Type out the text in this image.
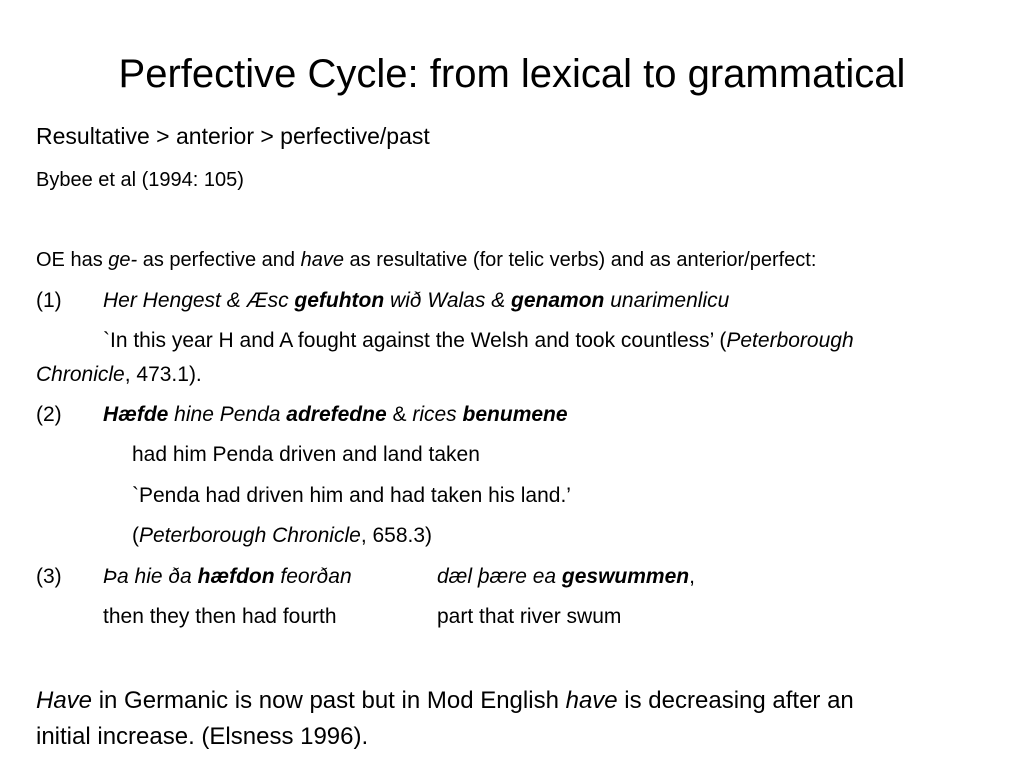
Perfective Cycle: from lexical to grammatical
Resultative > anterior > perfective/past
Bybee et al (1994: 105)
OE has ge- as perfective and have as resultative (for telic verbs) and as anterior/perfect:
(1) Her Hengest & Æsc gefuhton wið Walas & genamon unarimenlicu
`In this year H and A fought against the Welsh and took countless’ (Peterborough
Chronicle, 473.1).
(2) Hæfde hine Penda adrefedne & rices benumene
had him Penda driven and land taken
`Penda had driven him and had taken his land.’
(Peterborough Chronicle, 658.3)
(3) Þa hie ða hæfdon feorðan	dæl þære ea geswummen,
then they then had fourth	part that river swum
Have in Germanic is now past but in Mod English have is decreasing after an
initial increase. (Elsness 1996).
